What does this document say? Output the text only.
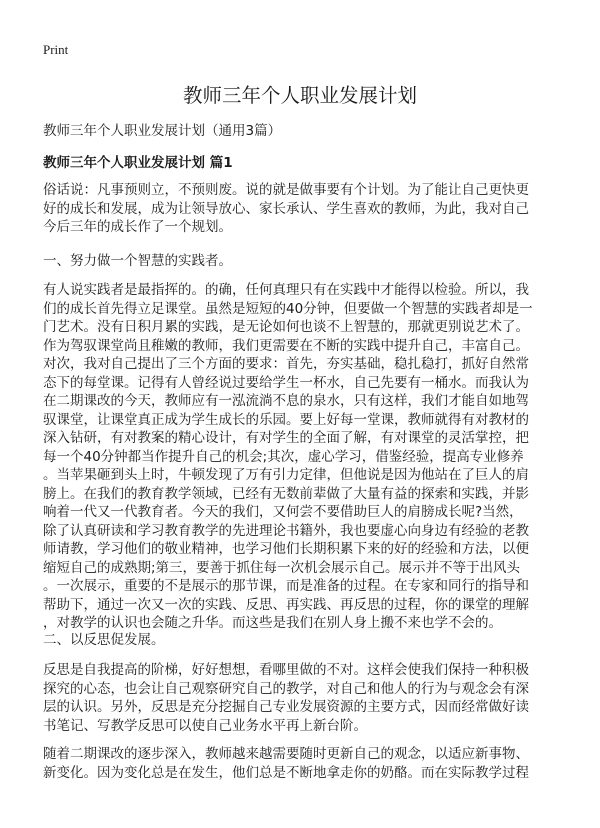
Print
教师三年个人职业发展计划
教师三年个人职业发展计划（通用3篇）
教师三年个人职业发展计划 篇1
俗话说：凡事预则立，不预则废。说的就是做事要有个计划。为了能让自己更快更
好的成长和发展，成为让领导放心、家长承认、学生喜欢的教师，为此，我对自己
今后三年的成长作了一个规划。
一、努力做一个智慧的实践者。
有人说实践者是最指挥的。的确，任何真理只有在实践中才能得以检验。所以，我
们的成长首先得立足课堂。虽然是短短的40分钟，但要做一个智慧的实践者却是一
门艺术。没有日积月累的实践，是无论如何也谈不上智慧的，那就更别说艺术了。
作为驾驭课堂尚且稚嫩的教师，我们更需要在不断的实践中提升自己，丰富自己。
对次，我对自己提出了三个方面的要求：首先，夯实基础，稳扎稳打，抓好自然常
态下的每堂课。记得有人曾经说过要给学生一杯水，自己先要有一桶水。而我认为
在二期课改的今天，教师应有一泓流淌不息的泉水，只有这样，我们才能自如地驾
驭课堂，让课堂真正成为学生成长的乐园。要上好每一堂课，教师就得有对教材的
深入钻研，有对教案的精心设计，有对学生的全面了解，有对课堂的灵活掌控，把
每一个40分钟都当作提升自己的机会;其次，虚心学习，借鉴经验，提高专业修养
。当苹果砸到头上时，牛顿发现了万有引力定律，但他说是因为他站在了巨人的肩
膀上。在我们的教育教学领域，已经有无数前辈做了大量有益的探索和实践，并影
响着一代又一代教育者。今天的我们，又何尝不要借助巨人的肩膀成长呢?当然，
除了认真研读和学习教育教学的先进理论书籍外，我也要虚心向身边有经验的老教
师请教，学习他们的敬业精神，也学习他们长期积累下来的好的经验和方法，以便
缩短自己的成熟期;第三，要善于抓住每一次机会展示自己。展示并不等于出风头
。一次展示，重要的不是展示的那节课，而是准备的过程。在专家和同行的指导和
帮助下，通过一次又一次的实践、反思、再实践、再反思的过程，你的课堂的理解
，对教学的认识也会随之升华。而这些是我们在别人身上搬不来也学不会的。
二、以反思促发展。
反思是自我提高的阶梯，好好想想，看哪里做的不对。这样会使我们保持一种积极
探究的心态，也会让自己观察研究自己的教学，对自己和他人的行为与观念会有深
层的认识。另外，反思是充分挖掘自己专业发展资源的主要方式，因而经常做好读
书笔记、写教学反思可以使自己业务水平再上新台阶。
随着二期课改的逐步深入，教师越来越需要随时更新自己的观念，以适应新事物、
新变化。因为变化总是在发生，他们总是不断地拿走你的奶酪。而在实际教学过程
